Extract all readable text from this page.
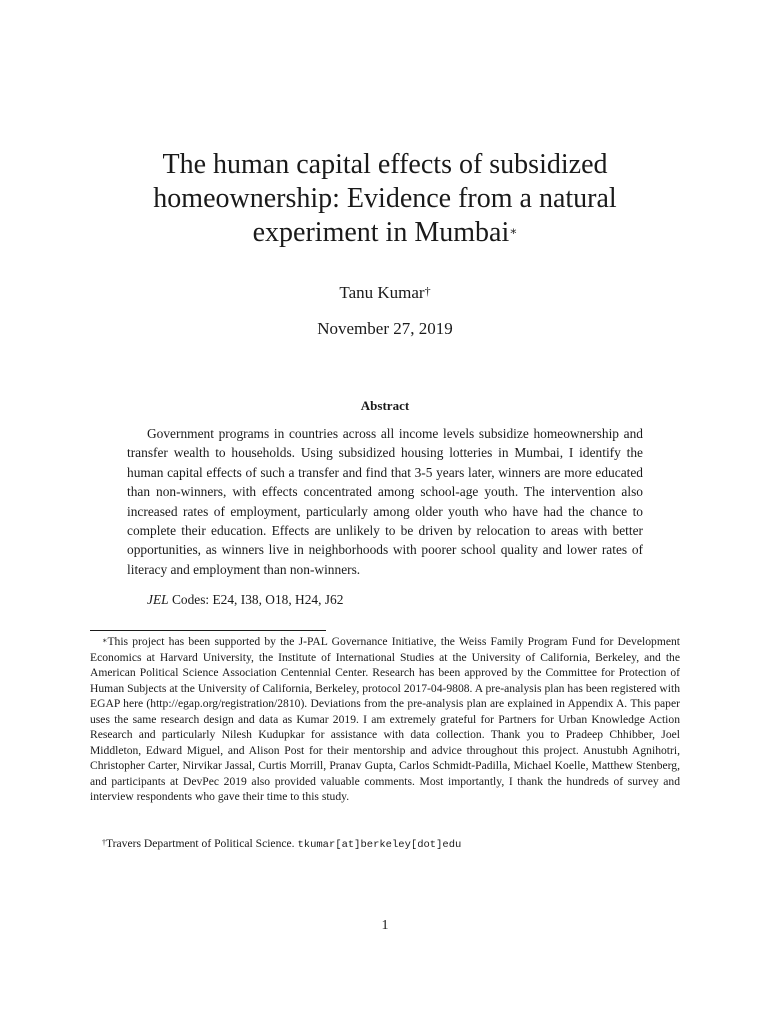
The human capital effects of subsidized homeownership: Evidence from a natural experiment in Mumbai∗
Tanu Kumar†
November 27, 2019
Abstract

Government programs in countries across all income levels subsidize homeownership and transfer wealth to households. Using subsidized housing lotteries in Mumbai, I identify the human capital effects of such a transfer and find that 3-5 years later, winners are more educated than non-winners, with effects concentrated among school-age youth. The intervention also increased rates of employment, particularly among older youth who have had the chance to complete their education. Effects are unlikely to be driven by relocation to areas with better opportunities, as winners live in neighborhoods with poorer school quality and lower rates of literacy and employment than non-winners.

JEL Codes: E24, I38, O18, H24, J62

∗This project has been supported by the J-PAL Governance Initiative, the Weiss Family Program Fund for Development Economics at Harvard University, the Institute of International Studies at the University of California, Berkeley, and the American Political Science Association Centennial Center. Research has been approved by the Committee for Protection of Human Subjects at the University of California, Berkeley, protocol 2017-04-9808. A pre-analysis plan has been registered with EGAP here (http://egap.org/registration/2810). Deviations from the pre-analysis plan are explained in Appendix A. This paper uses the same research design and data as Kumar 2019. I am extremely grateful for Partners for Urban Knowledge Action Research and particularly Nilesh Kudupkar for assistance with data collection. Thank you to Pradeep Chhibber, Joel Middleton, Edward Miguel, and Alison Post for their mentorship and advice throughout this project. Anustubh Agnihotri, Christopher Carter, Nirvikar Jassal, Curtis Morrill, Pranav Gupta, Carlos Schmidt-Padilla, Michael Koelle, Matthew Stenberg, and participants at DevPec 2019 also provided valuable comments. Most importantly, I thank the hundreds of survey and interview respondents who gave their time to this study.

†Travers Department of Political Science. tkumar[at]berkeley[dot]edu

1
